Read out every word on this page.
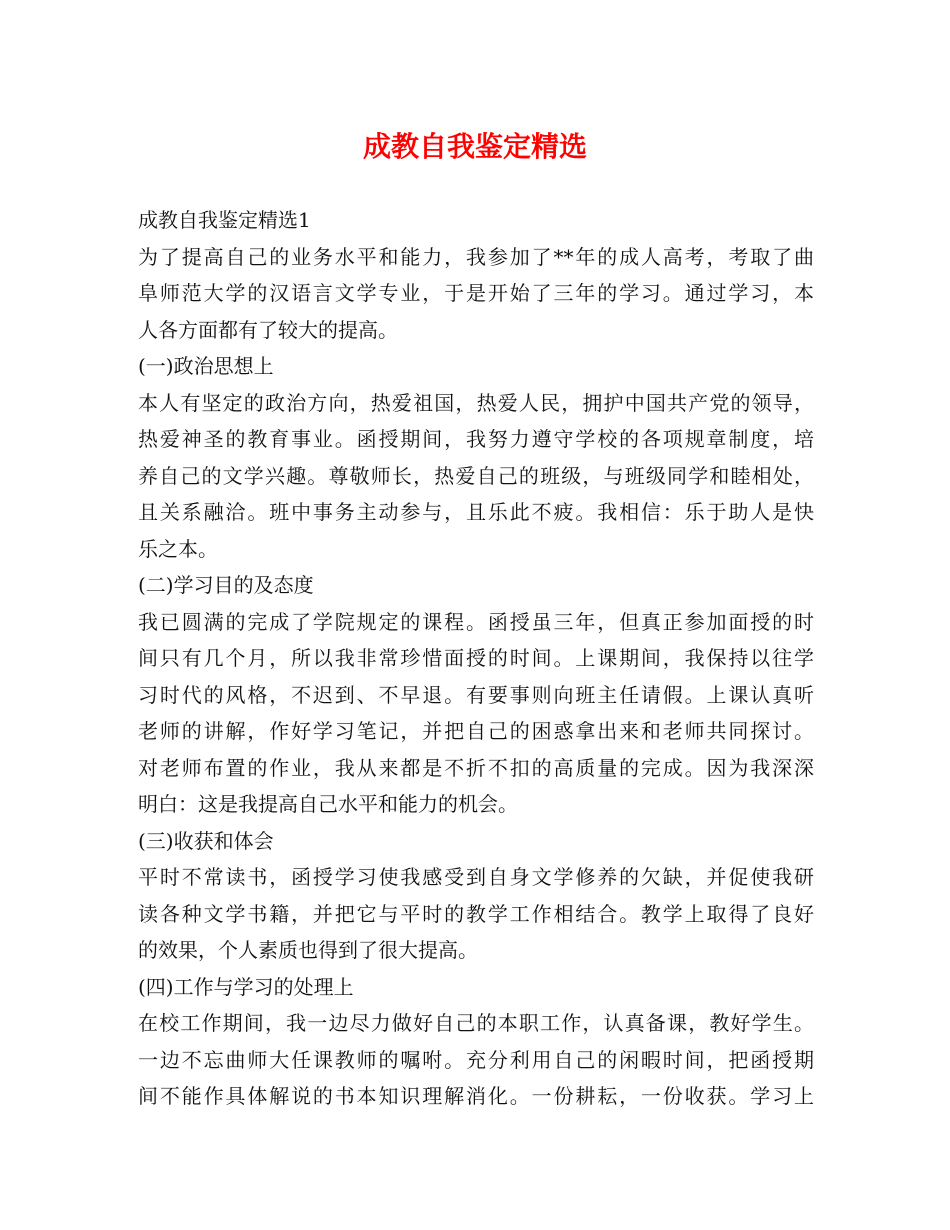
成教自我鉴定精选
成教自我鉴定精选1
为了提高自己的业务水平和能力，我参加了**年的成人高考，考取了曲
阜师范大学的汉语言文学专业，于是开始了三年的学习。通过学习，本
人各方面都有了较大的提高。
(一)政治思想上
本人有坚定的政治方向，热爱祖国，热爱人民，拥护中国共产党的领导，
热爱神圣的教育事业。函授期间，我努力遵守学校的各项规章制度，培
养自己的文学兴趣。尊敬师长，热爱自己的班级，与班级同学和睦相处，
且关系融洽。班中事务主动参与，且乐此不疲。我相信：乐于助人是快
乐之本。
(二)学习目的及态度
我已圆满的完成了学院规定的课程。函授虽三年，但真正参加面授的时
间只有几个月，所以我非常珍惜面授的时间。上课期间，我保持以往学
习时代的风格，不迟到、不早退。有要事则向班主任请假。上课认真听
老师的讲解，作好学习笔记，并把自己的困惑拿出来和老师共同探讨。
对老师布置的作业，我从来都是不折不扣的高质量的完成。因为我深深
明白：这是我提高自己水平和能力的机会。
(三)收获和体会
平时不常读书，函授学习使我感受到自身文学修养的欠缺，并促使我研
读各种文学书籍，并把它与平时的教学工作相结合。教学上取得了良好
的效果，个人素质也得到了很大提高。
(四)工作与学习的处理上
在校工作期间，我一边尽力做好自己的本职工作，认真备课，教好学生。
一边不忘曲师大任课教师的嘱咐。充分利用自己的闲暇时间，把函授期
间不能作具体解说的书本知识理解消化。一份耕耘，一份收获。学习上
